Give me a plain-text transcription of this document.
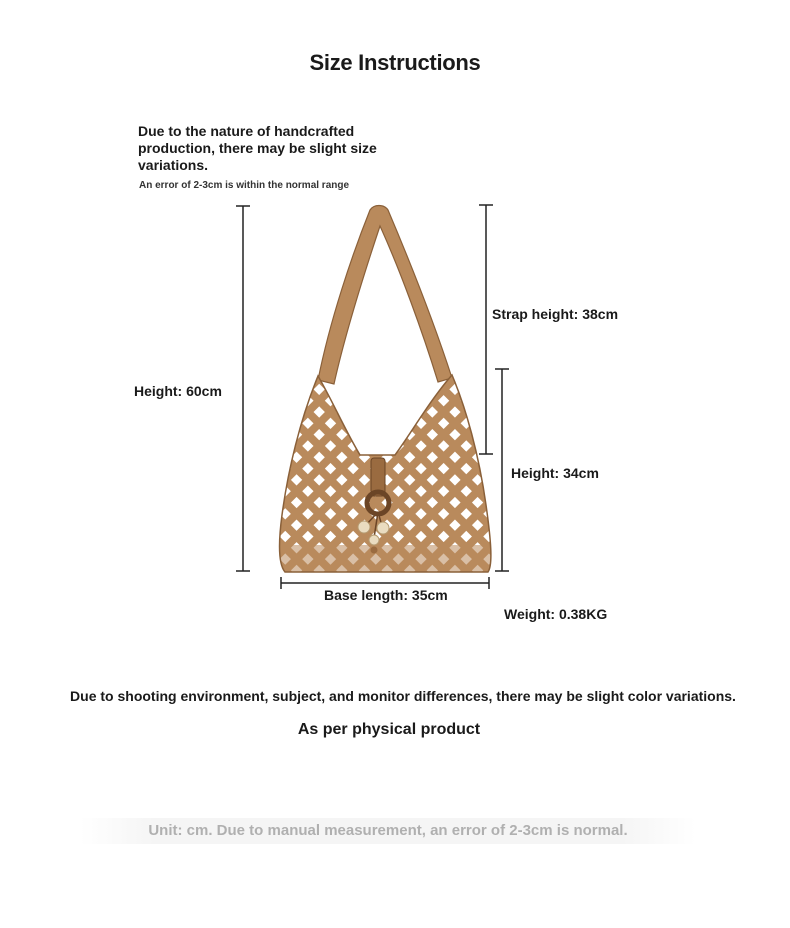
Size Instructions
Due to the nature of handcrafted production, there may be slight size variations.
An error of 2-3cm is within the normal range
Height: 60cm
Strap height: 38cm
Height: 34cm
Base length: 35cm
Weight: 0.38KG
Due to shooting environment, subject, and monitor differences, there may be slight color variations.
As per physical product
Unit: cm. Due to manual measurement, an error of 2-3cm is normal.
